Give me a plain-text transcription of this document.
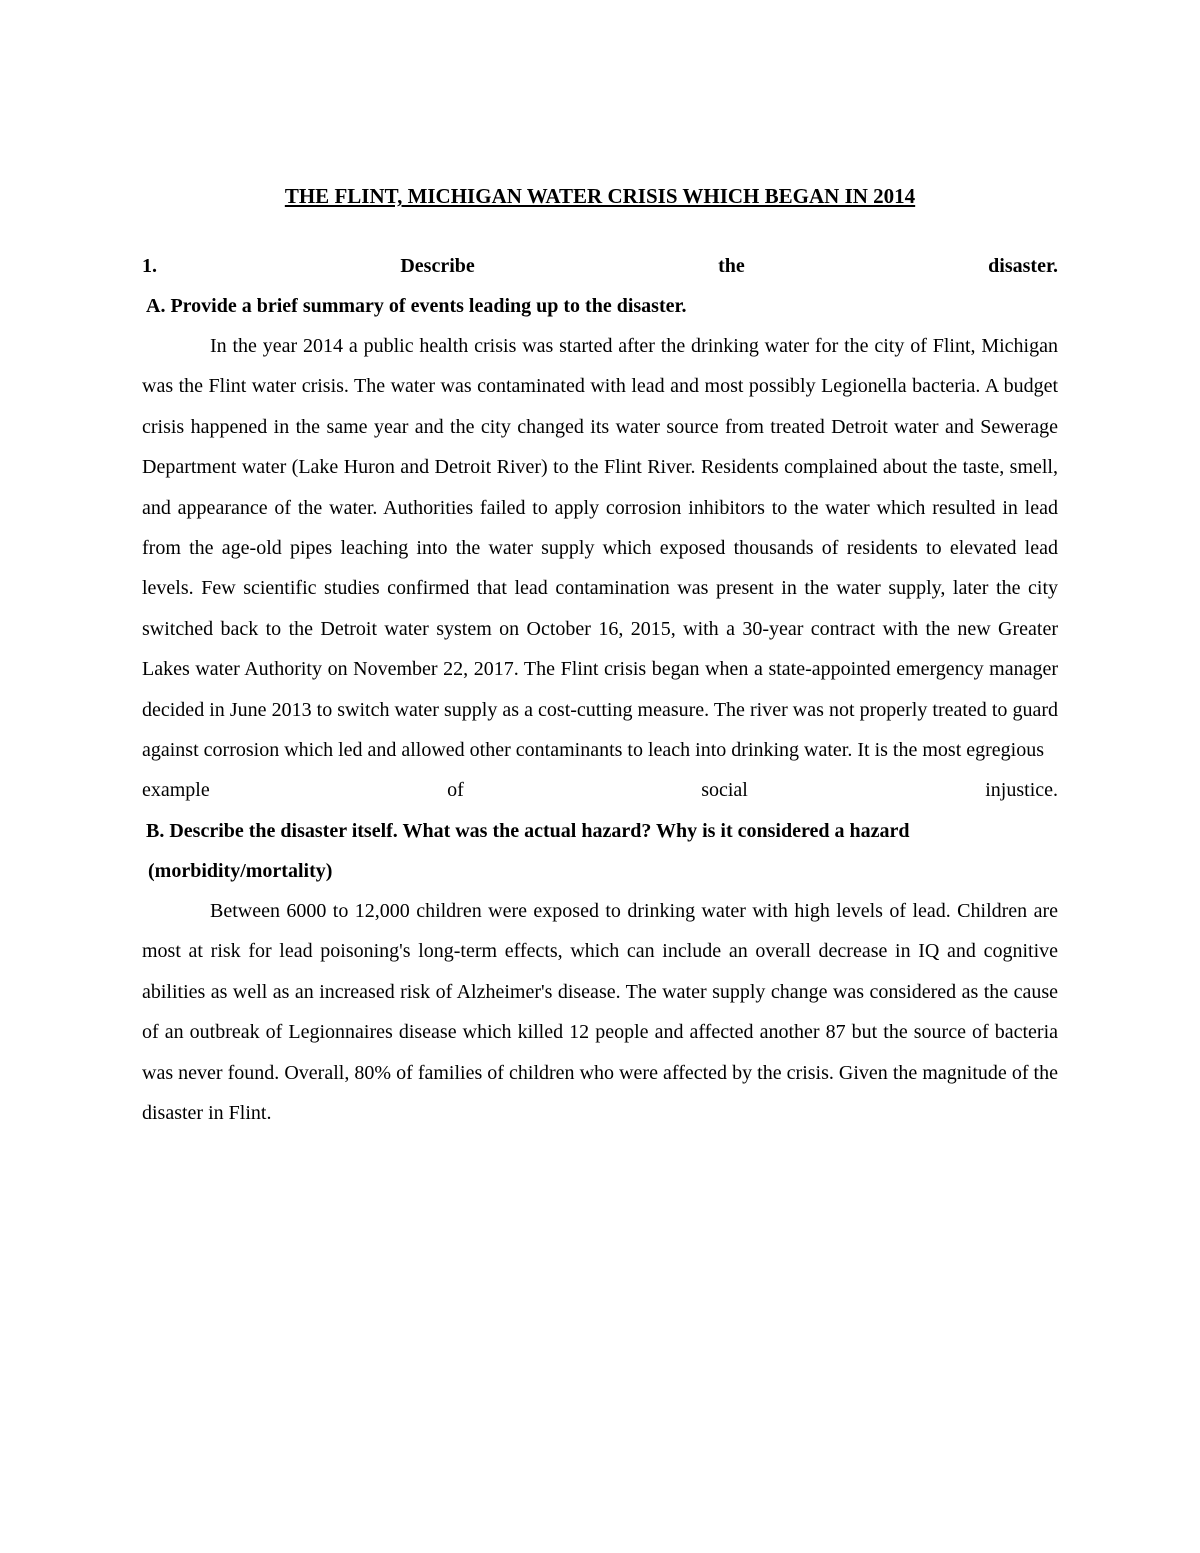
THE FLINT, MICHIGAN WATER CRISIS WHICH BEGAN IN 2014

1.	Describe	the	disaster.

A. Provide a brief summary of events leading up to the disaster.

In the year 2014 a public health crisis was started after the drinking water for the city of Flint, Michigan was the Flint water crisis. The water was contaminated with lead and most possibly Legionella bacteria. A budget crisis happened in the same year and the city changed its water source from treated Detroit water and Sewerage Department water (Lake Huron and Detroit River) to the Flint River. Residents complained about the taste, smell, and appearance of the water. Authorities failed to apply corrosion inhibitors to the water which resulted in lead from the age-old pipes leaching into the water supply which exposed thousands of residents to elevated lead levels. Few scientific studies confirmed that lead contamination was present in the water supply, later the city switched back to the Detroit water system on October 16, 2015, with a 30-year contract with the new Greater Lakes water Authority on November 22, 2017. The Flint crisis began when a state-appointed emergency manager decided in June 2013 to switch water supply as a cost-cutting measure. The river was not properly treated to guard against corrosion which led and allowed other contaminants to leach into drinking water. It is the most egregious

example	of	social	injustice.

B. Describe the disaster itself. What was the actual hazard? Why is it considered a hazard
(morbidity/mortality)

Between 6000 to 12,000 children were exposed to drinking water with high levels of lead. Children are most at risk for lead poisoning's long-term effects, which can include an overall decrease in IQ and cognitive abilities as well as an increased risk of Alzheimer's disease. The water supply change was considered as the cause of an outbreak of Legionnaires disease which killed 12 people and affected another 87 but the source of bacteria was never found. Overall, 80% of families of children who were affected by the crisis. Given the magnitude of the disaster in Flint.
